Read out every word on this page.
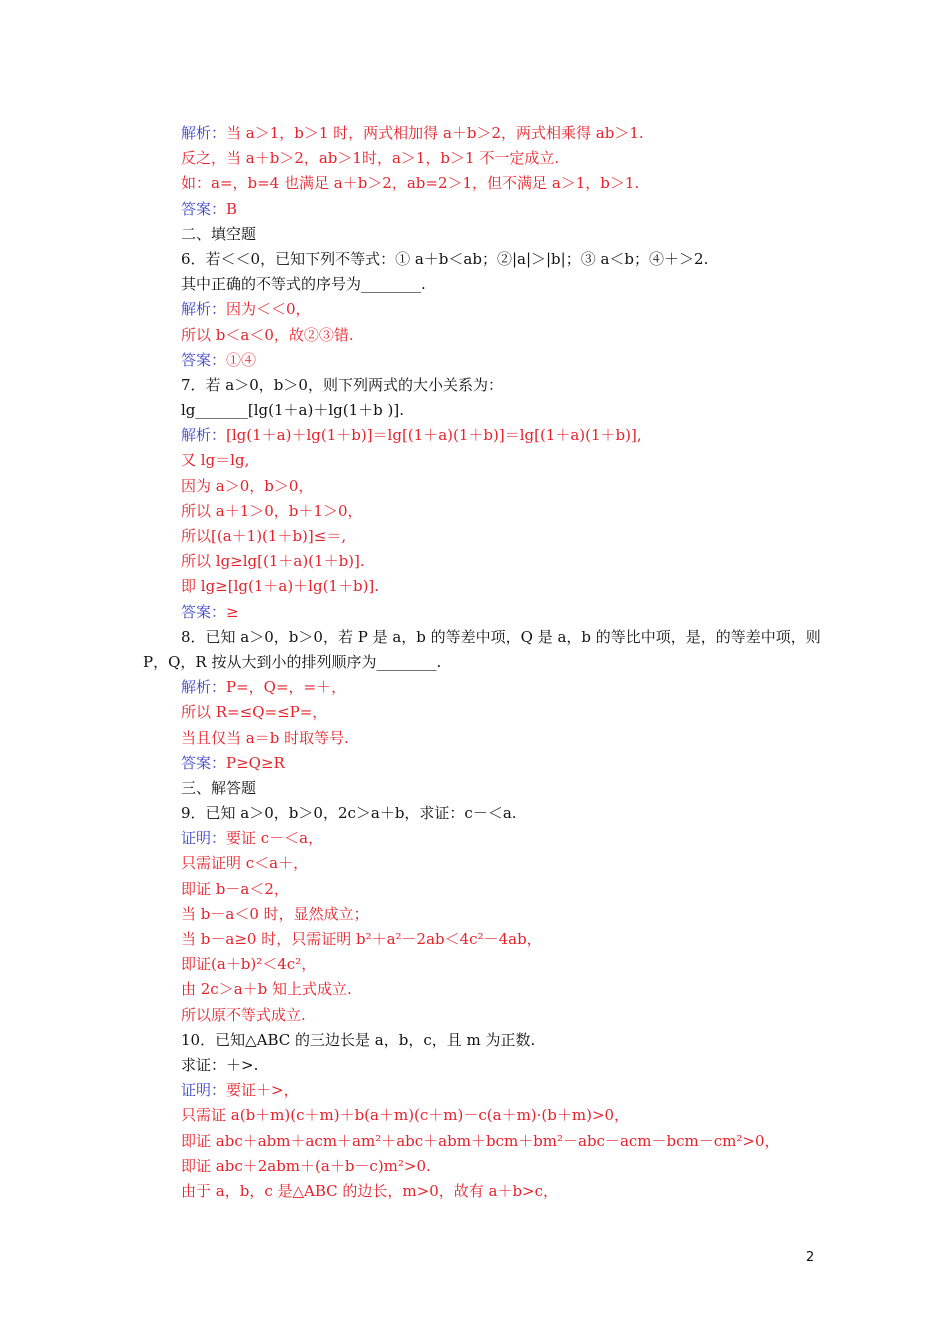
解析：当 a＞1，b＞1 时，两式相加得 a＋b＞2，两式相乘得 ab＞1.
反之，当 a＋b＞2，ab＞1时，a＞1，b＞1 不一定成立.
如：a=，b=4 也满足 a＋b＞2，ab=2＞1，但不满足 a＞1，b＞1.
答案：B
二、填空题
6．若＜＜0，已知下列不等式：① a＋b＜ab；②|a|＞|b|；③ a＜b；④＋＞2.
其中正确的不等式的序号为________.
解析：因为＜＜0，
所以 b＜a＜0，故②③错.
答案：①④
7．若 a＞0，b＞0，则下列两式的大小关系为：
lg_______[lg(1＋a)＋lg(1＋b )].
解析：[lg(1＋a)＋lg(1＋b)]＝lg[(1＋a)(1＋b)]＝lg[(1＋a)(1＋b)],
又 lg＝lg,
因为 a＞0，b＞0，
所以 a＋1＞0，b＋1＞0，
所以[(a＋1)(1＋b)]≤＝,
所以 lg≥lg[(1＋a)(1＋b)].
即 lg≥[lg(1＋a)＋lg(1＋b)].
答案：≥
8．已知 a＞0，b＞0，若 P 是 a，b 的等差中项，Q 是 a，b 的等比中项，是，的等差中项，则
P，Q，R 按从大到小的排列顺序为________.
解析：P=，Q=，=＋，
所以 R=≤Q=≤P=，
当且仅当 a＝b 时取等号.
答案：P≥Q≥R
三、解答题
9．已知 a＞0，b＞0，2c＞a＋b，求证：c－＜a.
证明：要证 c－＜a，
只需证明 c＜a＋，
即证 b－a＜2，
当 b－a＜0 时，显然成立；
当 b－a≥0 时，只需证明 b²＋a²－2ab＜4c²－4ab，
即证(a＋b)²＜4c²，
由 2c＞a＋b 知上式成立.
所以原不等式成立.
10．已知△ABC 的三边长是 a，b，c，且 m 为正数.
求证：＋>.
证明：要证＋>，
只需证 a(b＋m)(c＋m)＋b(a＋m)(c＋m)－c(a＋m)·(b＋m)>0，
即证 abc＋abm＋acm＋am²＋abc＋abm＋bcm＋bm²－abc－acm－bcm－cm²>0，
即证 abc＋2abm＋(a＋b－c)m²>0.
由于 a，b，c 是△ABC 的边长，m>0，故有 a＋b>c，
2
